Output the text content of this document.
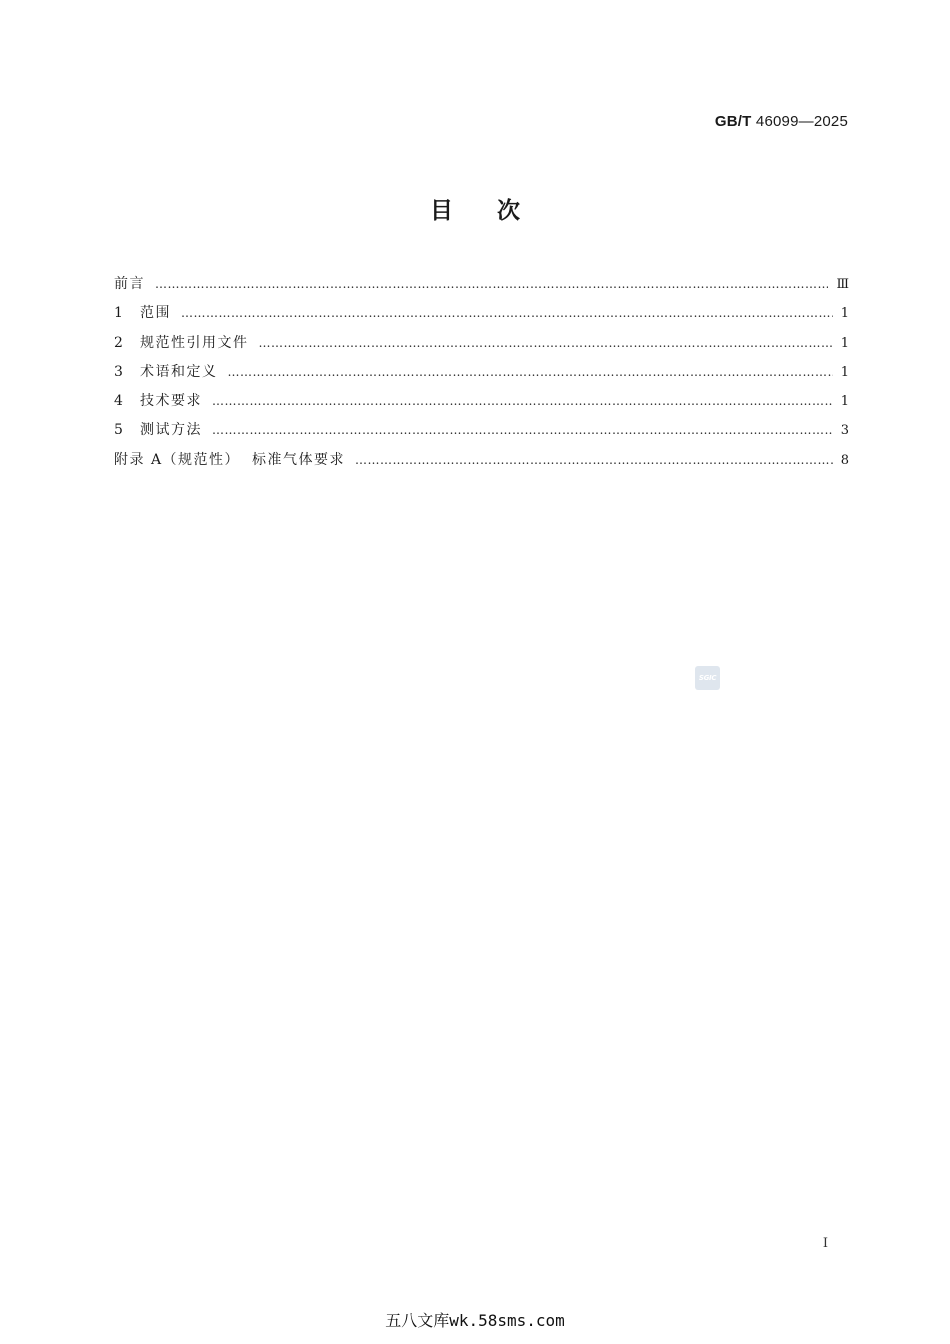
GB/T 46099—2025
目次
前言 …………………………………………………………………………………………………………………………………………………………	Ⅲ
1	范围 …………………………………………………………………………………………………………………………………………………………	1
2	规范性引用文件 …………………………………………………………………………………………………………………………………………………………	1
3	术语和定义 …………………………………………………………………………………………………………………………………………………………	1
4	技术要求 …………………………………………………………………………………………………………………………………………………………	1
5	测试方法 …………………………………………………………………………………………………………………………………………………………	3
附录 A（规范性）  标准气体要求 …………………………………………………………………………………………………………………………………………………………	8
SGIC
I
五八文库wk.58sms.com
